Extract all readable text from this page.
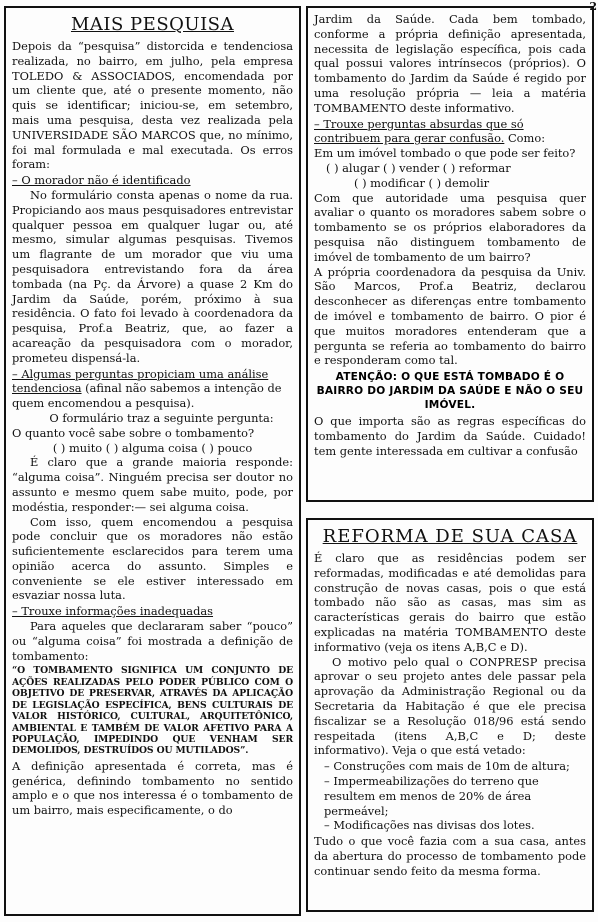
2
MAIS PESQUISA

Depois da “pesquisa” distorcida e tendenciosa realizada, no bairro, em julho, pela empresa TOLEDO & ASSOCIADOS, encomendada por um cliente que, até o presente momento, não quis se identificar; iniciou-se, em setembro, mais uma pesquisa, desta vez realizada pela UNIVERSIDADE SÃO MARCOS que, no mínimo, foi mal formulada e mal executada. Os erros foram:

– O morador não é identificado

No formulário consta apenas o nome da rua. Propiciando aos maus pesquisadores entrevistar qualquer pessoa em qualquer lugar ou, até mesmo, simular algumas pesquisas. Tivemos um flagrante de um morador que viu uma pesquisadora entrevistando fora da área tombada (na Pç. da Árvore) a quase 2 Km do Jardim da Saúde, porém, próximo à sua residência. O fato foi levado à coordenadora da pesquisa, Prof.a Beatriz, que, ao fazer a acareação da pesquisadora com o morador, prometeu dispensá-la.

– Algumas perguntas propiciam uma análise tendenciosa (afinal não sabemos a intenção de quem encomendou a pesquisa).

O formulário traz a seguinte pergunta:

O quanto você sabe sobre o tombamento?

( ) muito ( ) alguma coisa ( ) pouco

É claro que a grande maioria responde: “alguma coisa”. Ninguém precisa ser doutor no assunto e mesmo quem sabe muito, pode, por modéstia, responder:— sei alguma coisa.

Com isso, quem encomendou a pesquisa pode concluir que os moradores não estão suficientemente esclarecidos para terem uma opinião acerca do assunto. Simples e conveniente se ele estiver interessado em esvaziar nossa luta.

– Trouxe informações inadequadas

Para aqueles que declararam saber “pouco” ou “alguma coisa” foi mostrada a definição de tombamento:

“O TOMBAMENTO SIGNIFICA UM CONJUNTO DE AÇÕES REALIZADAS PELO PODER PÚBLICO COM O OBJETIVO DE PRESERVAR, ATRAVÉS DA APLICAÇÃO DE LEGISLAÇÃO ESPECÍFICA, BENS CULTURAIS DE VALOR HISTÓRICO, CULTURAL, ARQUITETÔNICO, AMBIENTAL E TAMBÉM DE VALOR AFETIVO PARA A POPULAÇÃO, IMPEDINDO QUE VENHAM SER DEMOLIDOS, DESTRUÍDOS OU MUTILADOS”.

A definição apresentada é correta, mas é genérica, definindo tombamento no sentido amplo e o que nos interessa é o tombamento de um bairro, mais especificamente, o do

Jardim da Saúde. Cada bem tombado, conforme a própria definição apresentada, necessita de legislação específica, pois cada qual possui valores intrínsecos (próprios). O tombamento do Jardim da Saúde é regido por uma resolução própria — leia a matéria TOMBAMENTO deste informativo.

– Trouxe perguntas absurdas que só contribuem para gerar confusão. Como:

Em um imóvel tombado o que pode ser feito?

( ) alugar ( ) vender ( ) reformar
( ) modificar ( ) demolir

Com que autoridade uma pesquisa quer avaliar o quanto os moradores sabem sobre o tombamento se os próprios elaboradores da pesquisa não distinguem tombamento de imóvel de tombamento de um bairro?

A própria coordenadora da pesquisa da Univ. São Marcos, Prof.a Beatriz, declarou desconhecer as diferenças entre tombamento de imóvel e tombamento de bairro. O pior é que muitos moradores entenderam que a pergunta se referia ao tombamento do bairro e responderam como tal.

ATENÇÃO: O QUE ESTÁ TOMBADO É O BAIRRO DO JARDIM DA SAÚDE E NÃO O SEU IMÓVEL.

O que importa são as regras específicas do tombamento do Jardim da Saúde. Cuidado! tem gente interessada em cultivar a confusão

REFORMA DE SUA CASA

É claro que as residências podem ser reformadas, modificadas e até demolidas para construção de novas casas, pois o que está tombado não são as casas, mas sim as características gerais do bairro que estão explicadas na matéria TOMBAMENTO deste informativo (veja os itens A,B,C e D).

O motivo pelo qual o CONPRESP precisa aprovar o seu projeto antes dele passar pela aprovação da Administração Regional ou da Secretaria da Habitação é que ele precisa fiscalizar se a Resolução 018/96 está sendo respeitada (itens A,B,C e D; deste informativo). Veja o que está vetado:

– Construções com mais de 10m de altura;
– Impermeabilizações do terreno que resultem em menos de 20% de área permeável;
– Modificações nas divisas dos lotes.

Tudo o que você fazia com a sua casa, antes da abertura do processo de tombamento pode continuar sendo feito da mesma forma.
